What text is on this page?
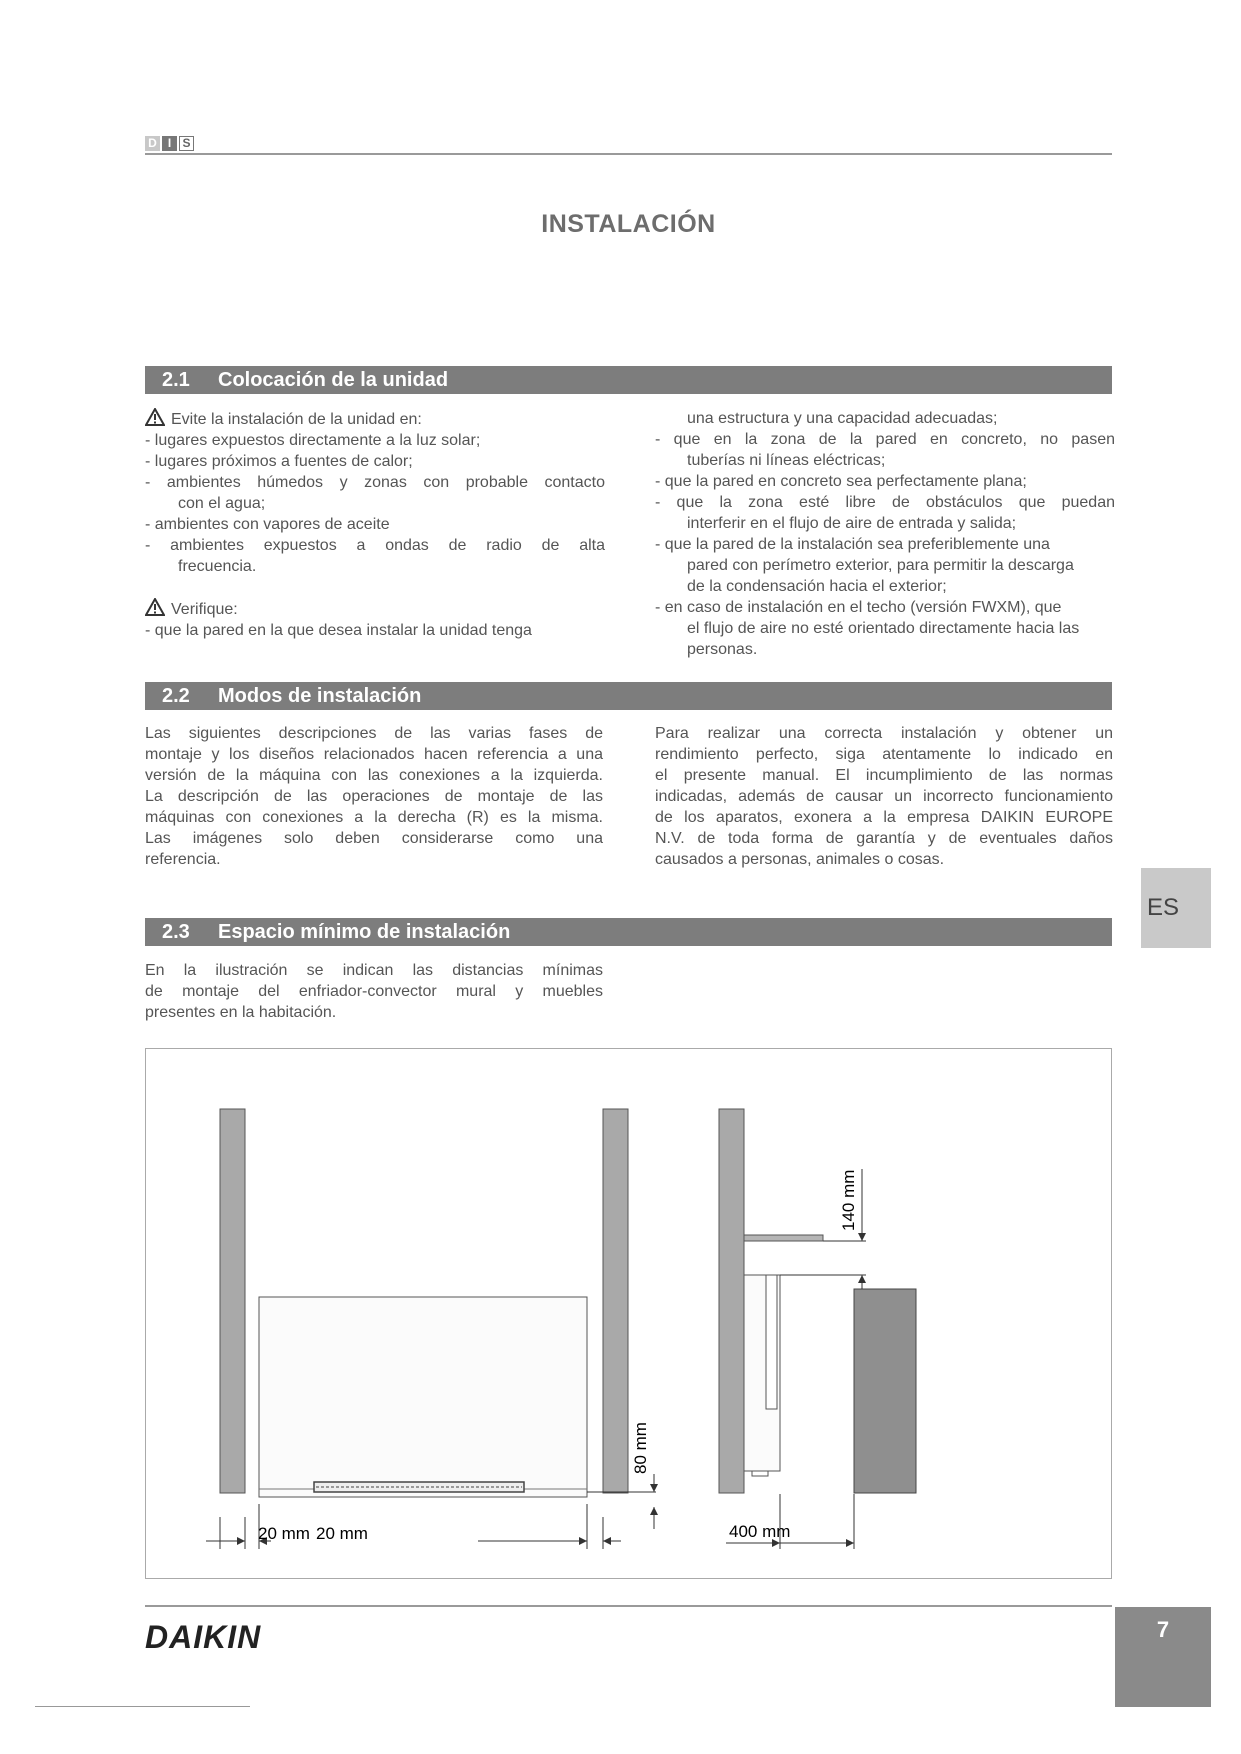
D I S
INSTALACIÓN
2.1 Colocación de la unidad
Evite la instalación de la unidad en:
- lugares expuestos directamente a la luz solar;
- lugares próximos a fuentes de calor;
- ambientes húmedos y zonas con probable contacto
con el agua;
- ambientes con vapores de aceite
- ambientes expuestos a ondas de radio de alta
frecuencia.
Verifique:
- que la pared en la que desea instalar la unidad tenga
una estructura y una capacidad adecuadas;
- que en la zona de la pared en concreto, no pasen
tuberías ni líneas eléctricas;
- que la pared en concreto sea perfectamente plana;
- que la zona esté libre de obstáculos que puedan
interferir en el flujo de aire de entrada y salida;
- que la pared de la instalación sea preferiblemente una
pared con perímetro exterior, para permitir la descarga
de la condensación hacia el exterior;
- en caso de instalación en el techo (versión FWXM), que
el flujo de aire no esté orientado directamente hacia las
personas.
2.2 Modos de instalación
Las siguientes descripciones de las varias fases de
montaje y los diseños relacionados hacen referencia a una
versión de la máquina con las conexiones a la izquierda.
La descripción de las operaciones de montaje de las
máquinas con conexiones a la derecha (R) es la misma.
Las imágenes solo deben considerarse como una
referencia.
Para realizar una correcta instalación y obtener un
rendimiento perfecto, siga atentamente lo indicado en
el presente manual. El incumplimiento de las normas
indicadas, además de causar un incorrecto funcionamiento
de los aparatos, exonera a la empresa DAIKIN EUROPE
N.V. de toda forma de garantía y de eventuales daños
causados a personas, animales o cosas.
ES
2.3 Espacio mínimo de instalación
En la ilustración se indican las distancias mínimas
de montaje del enfriador-convector mural y muebles
presentes en la habitación.
80 mm
20 mm 20 mm
140 mm
400 mm
DAIKIN	7
